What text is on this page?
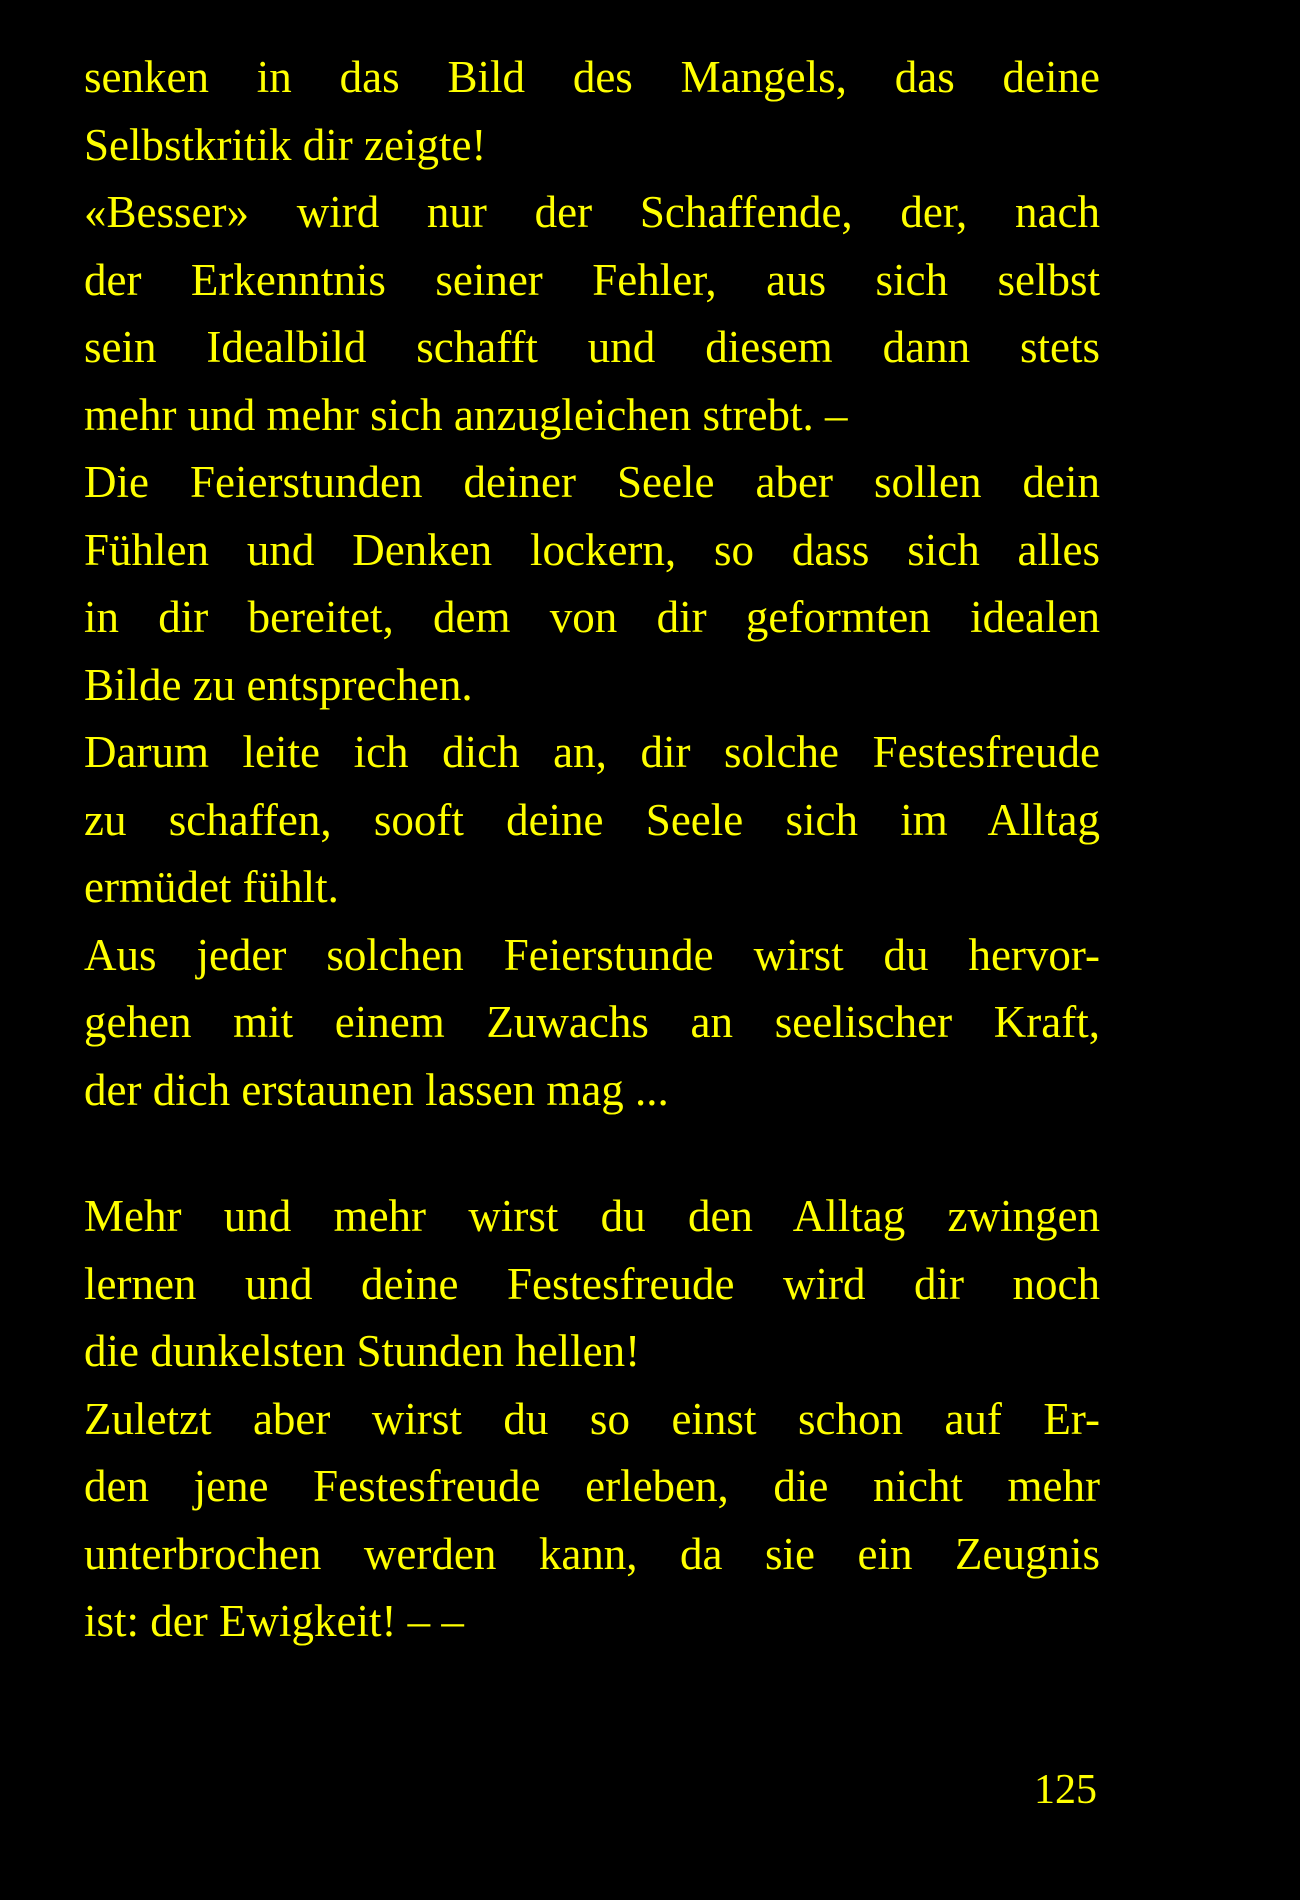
senken in das Bild des Mangels, das deine
Selbstkritik dir zeigte!
«Besser» wird nur der Schaffende, der, nach
der Erkenntnis seiner Fehler, aus sich selbst
sein Idealbild schafft und diesem dann stets
mehr und mehr sich anzugleichen strebt. –
Die Feierstunden deiner Seele aber sollen dein
Fühlen und Denken lockern, so dass sich alles
in dir bereitet, dem von dir geformten idealen
Bilde zu entsprechen.
Darum leite ich dich an, dir solche Festesfreude
zu schaffen, sooft deine Seele sich im Alltag
ermüdet fühlt.
Aus jeder solchen Feierstunde wirst du hervor-
gehen mit einem Zuwachs an seelischer Kraft,
der dich erstaunen lassen mag ...
Mehr und mehr wirst du den Alltag zwingen
lernen und deine Festesfreude wird dir noch
die dunkelsten Stunden hellen!
Zuletzt aber wirst du so einst schon auf Er-
den jene Festesfreude erleben, die nicht mehr
unterbrochen werden kann, da sie ein Zeugnis
ist: der Ewigkeit! – –
125
